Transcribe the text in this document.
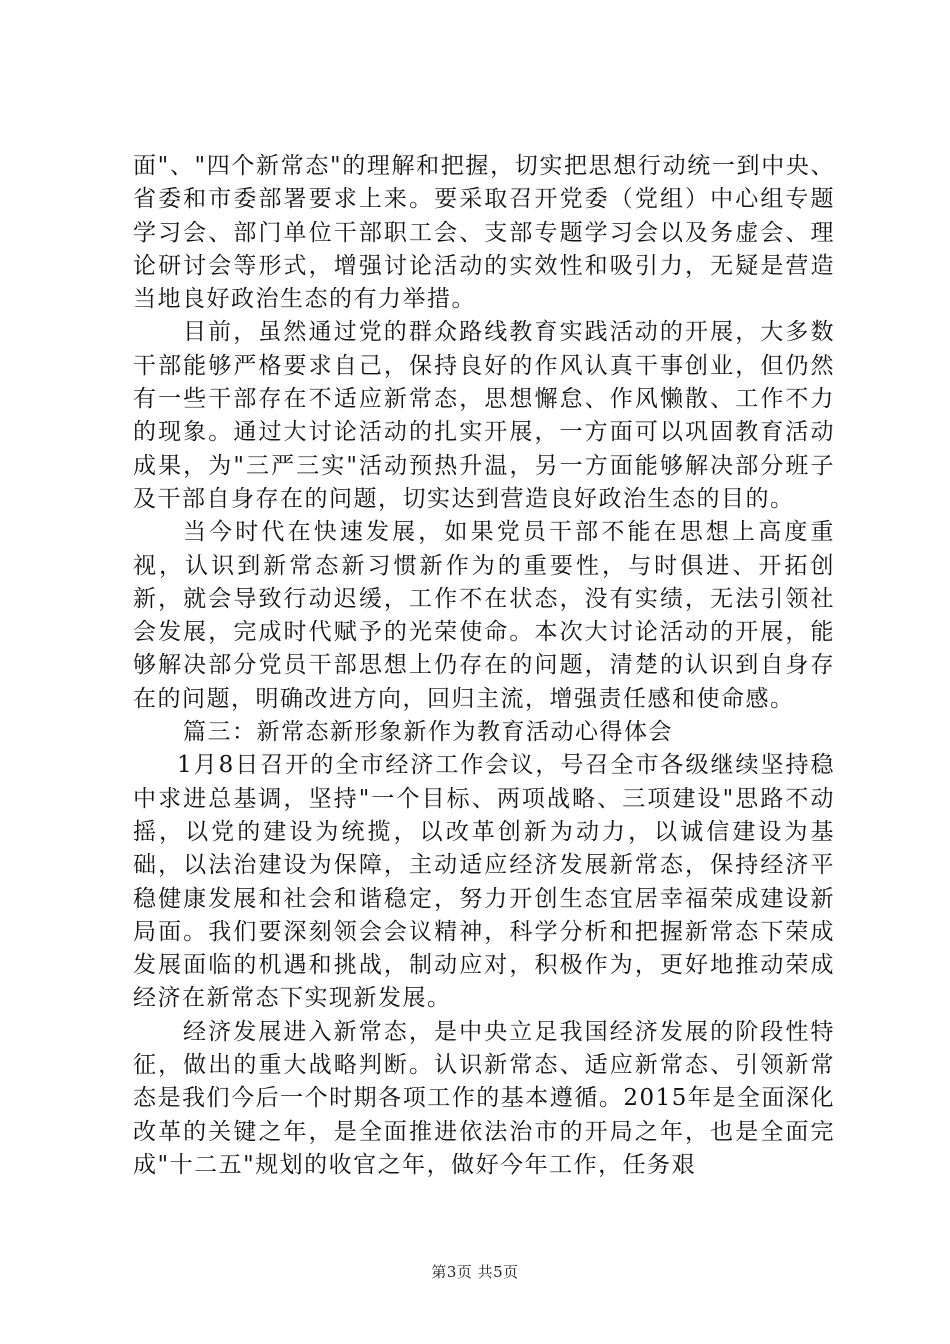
面"、"四个新常态"的理解和把握，切实把思想行动统一到中央、省委和市委部署要求上来。要采取召开党委（党组）中心组专题学习会、部门单位干部职工会、支部专题学习会以及务虚会、理论研讨会等形式，增强讨论活动的实效性和吸引力，无疑是营造当地良好政治生态的有力举措。

目前，虽然通过党的群众路线教育实践活动的开展，大多数干部能够严格要求自己，保持良好的作风认真干事创业，但仍然有一些干部存在不适应新常态，思想懈怠、作风懒散、工作不力的现象。通过大讨论活动的扎实开展，一方面可以巩固教育活动成果，为"三严三实"活动预热升温，另一方面能够解决部分班子及干部自身存在的问题，切实达到营造良好政治生态的目的。

当今时代在快速发展，如果党员干部不能在思想上高度重视，认识到新常态新习惯新作为的重要性，与时俱进、开拓创新，就会导致行动迟缓，工作不在状态，没有实绩，无法引领社会发展，完成时代赋予的光荣使命。本次大讨论活动的开展，能够解决部分党员干部思想上仍存在的问题，清楚的认识到自身存在的问题，明确改进方向，回归主流，增强责任感和使命感。

篇三：新常态新形象新作为教育活动心得体会

1月8日召开的全市经济工作会议，号召全市各级继续坚持稳中求进总基调，坚持"一个目标、两项战略、三项建设"思路不动摇，以党的建设为统揽，以改革创新为动力，以诚信建设为基础，以法治建设为保障，主动适应经济发展新常态，保持经济平稳健康发展和社会和谐稳定，努力开创生态宜居幸福荣成建设新局面。我们要深刻领会会议精神，科学分析和把握新常态下荣成发展面临的机遇和挑战，制动应对，积极作为，更好地推动荣成经济在新常态下实现新发展。

经济发展进入新常态，是中央立足我国经济发展的阶段性特征，做出的重大战略判断。认识新常态、适应新常态、引领新常态是我们今后一个时期各项工作的基本遵循。2015年是全面深化改革的关键之年，是全面推进依法治市的开局之年，也是全面完成"十二五"规划的收官之年，做好今年工作，任务艰

第3页 共5页
